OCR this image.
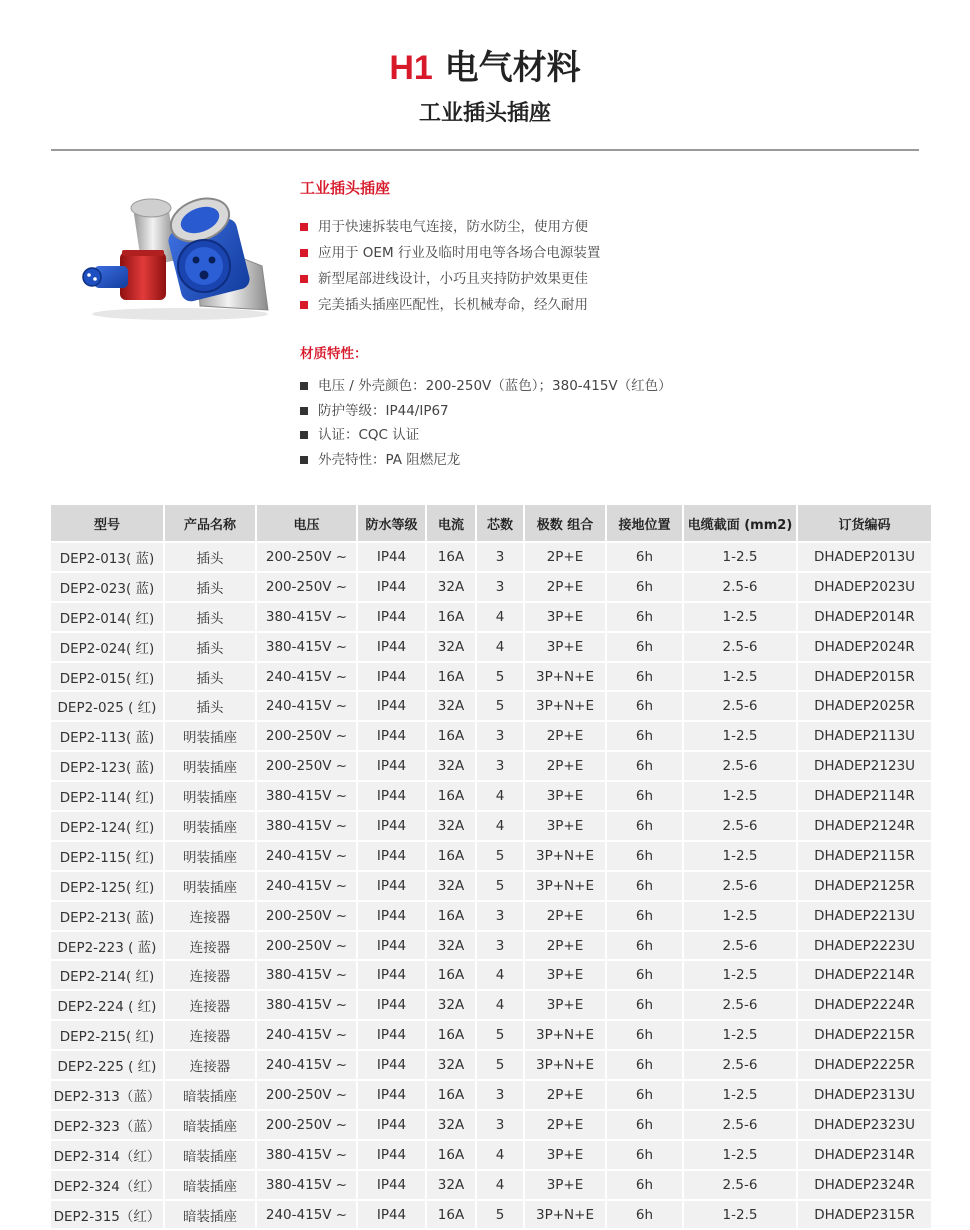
H1 电气材料
工业插头插座
工业插头插座
用于快速拆装电气连接，防水防尘，使用方便
应用于 OEM 行业及临时用电等各场合电源装置
新型尾部进线设计，小巧且夹持防护效果更佳
完美插头插座匹配性，长机械寿命，经久耐用
材质特性：
电压 / 外壳颜色：200-250V（蓝色）；380-415V（红色）
防护等级：IP44/IP67
认证：CQC 认证
外壳特性：PA 阻燃尼龙
型号	产品名称	电压	防水等级	电流	芯数	极数 组合	接地位置	电缆截面 (mm2)	订货编码
DEP2-013( 蓝)	插头	200-250V ~	IP44	16A	3	2P+E	6h	1-2.5	DHADEP2013U
DEP2-023( 蓝)	插头	200-250V ~	IP44	32A	3	2P+E	6h	2.5-6	DHADEP2023U
DEP2-014( 红)	插头	380-415V ~	IP44	16A	4	3P+E	6h	1-2.5	DHADEP2014R
DEP2-024( 红)	插头	380-415V ~	IP44	32A	4	3P+E	6h	2.5-6	DHADEP2024R
DEP2-015( 红)	插头	240-415V ~	IP44	16A	5	3P+N+E	6h	1-2.5	DHADEP2015R
DEP2-025 ( 红)	插头	240-415V ~	IP44	32A	5	3P+N+E	6h	2.5-6	DHADEP2025R
DEP2-113( 蓝)	明装插座	200-250V ~	IP44	16A	3	2P+E	6h	1-2.5	DHADEP2113U
DEP2-123( 蓝)	明装插座	200-250V ~	IP44	32A	3	2P+E	6h	2.5-6	DHADEP2123U
DEP2-114( 红)	明装插座	380-415V ~	IP44	16A	4	3P+E	6h	1-2.5	DHADEP2114R
DEP2-124( 红)	明装插座	380-415V ~	IP44	32A	4	3P+E	6h	2.5-6	DHADEP2124R
DEP2-115( 红)	明装插座	240-415V ~	IP44	16A	5	3P+N+E	6h	1-2.5	DHADEP2115R
DEP2-125( 红)	明装插座	240-415V ~	IP44	32A	5	3P+N+E	6h	2.5-6	DHADEP2125R
DEP2-213( 蓝)	连接器	200-250V ~	IP44	16A	3	2P+E	6h	1-2.5	DHADEP2213U
DEP2-223 ( 蓝)	连接器	200-250V ~	IP44	32A	3	2P+E	6h	2.5-6	DHADEP2223U
DEP2-214( 红)	连接器	380-415V ~	IP44	16A	4	3P+E	6h	1-2.5	DHADEP2214R
DEP2-224 ( 红)	连接器	380-415V ~	IP44	32A	4	3P+E	6h	2.5-6	DHADEP2224R
DEP2-215( 红)	连接器	240-415V ~	IP44	16A	5	3P+N+E	6h	1-2.5	DHADEP2215R
DEP2-225 ( 红)	连接器	240-415V ~	IP44	32A	5	3P+N+E	6h	2.5-6	DHADEP2225R
DEP2-313（蓝）	暗装插座	200-250V ~	IP44	16A	3	2P+E	6h	1-2.5	DHADEP2313U
DEP2-323（蓝）	暗装插座	200-250V ~	IP44	32A	3	2P+E	6h	2.5-6	DHADEP2323U
DEP2-314（红）	暗装插座	380-415V ~	IP44	16A	4	3P+E	6h	1-2.5	DHADEP2314R
DEP2-324（红）	暗装插座	380-415V ~	IP44	32A	4	3P+E	6h	2.5-6	DHADEP2324R
DEP2-315（红）	暗装插座	240-415V ~	IP44	16A	5	3P+N+E	6h	1-2.5	DHADEP2315R
